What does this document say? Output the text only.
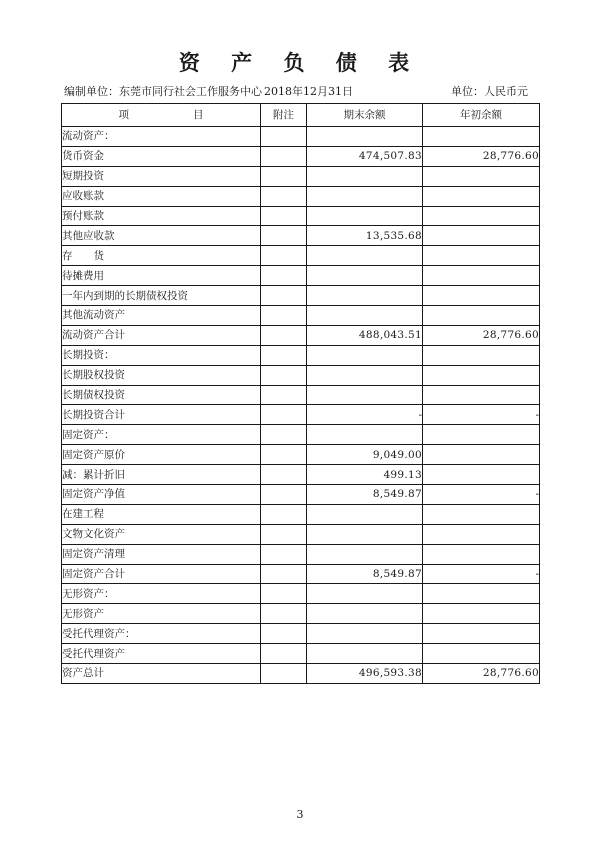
资 产 负 债 表
编制单位：东莞市同行社会工作服务中心 2018年12月31日	单位：人民币元
项 目	附注	期末余额	年初余额
流动资产：			
货币资金		474,507.83	28,776.60
短期投资			
应收账款			
预付账款			
其他应收款		13,535.68	
存　　货			
待摊费用			
一年内到期的长期债权投资			
其他流动资产			
流动资产合计		488,043.51	28,776.60
长期投资：			
长期股权投资			
长期债权投资			
长期投资合计		-	-
固定资产：			
固定资产原价		9,049.00	
减：累计折旧		499.13	
固定资产净值		8,549.87	-
在建工程			
文物文化资产			
固定资产清理			
固定资产合计		8,549.87	-
无形资产：			
无形资产			
受托代理资产：			
受托代理资产			
资产总计		496,593.38	28,776.60
3
